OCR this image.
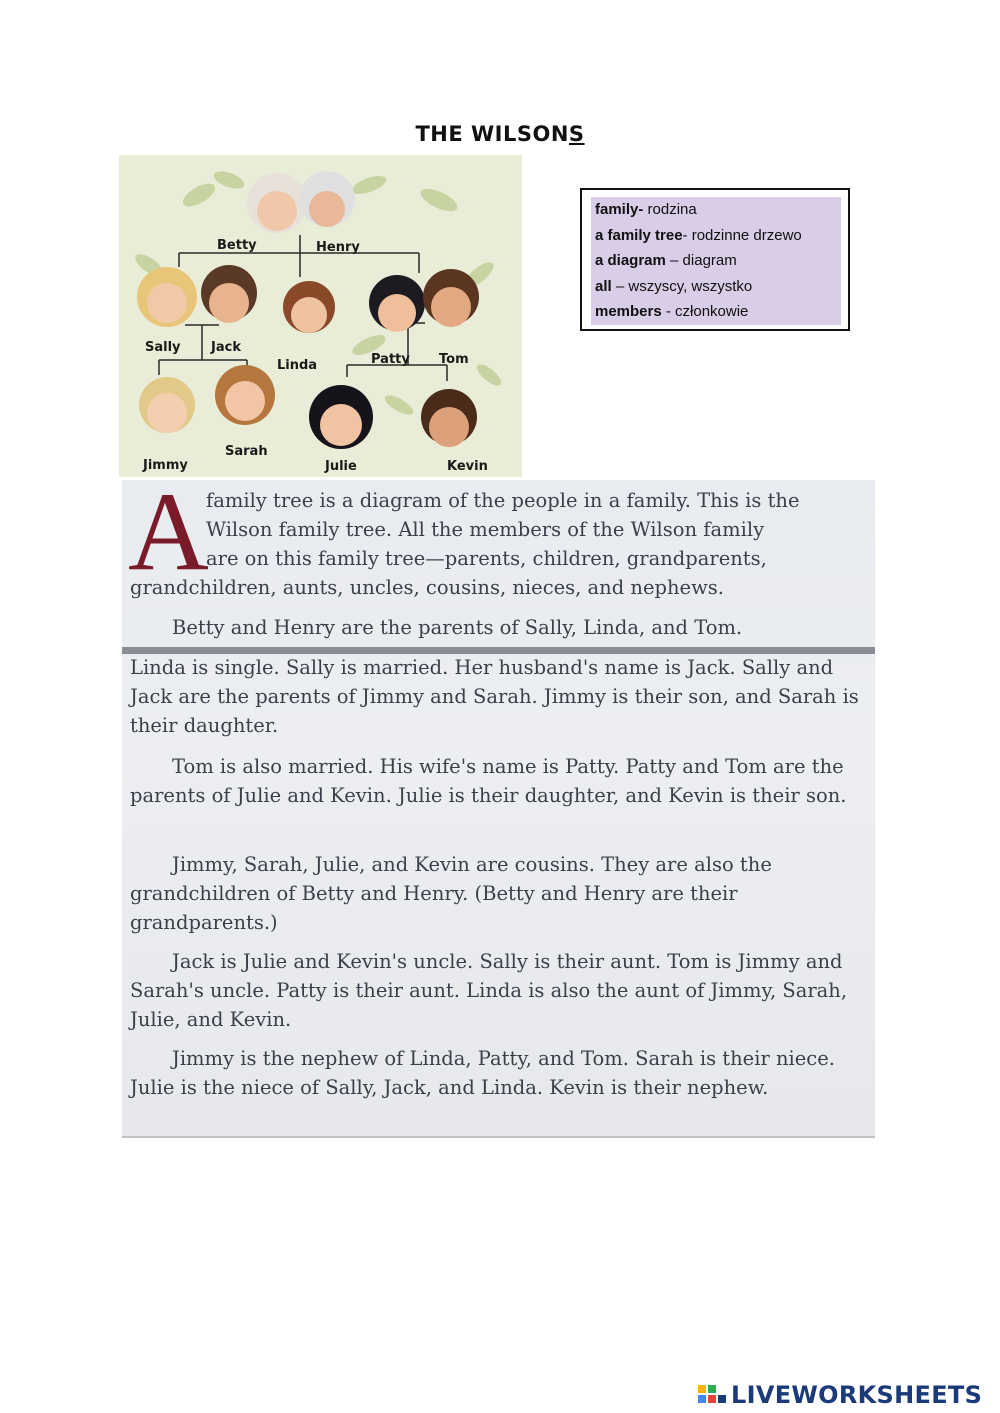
THE WILSONS
Betty	Henry
Sally Jack
Linda	Patty Tom
Jimmy
Sarah
Julie	Kevin
family- rodzina
a family tree- rodzinne drzewo
a diagram – diagram
all – wszyscy, wszystko
members - członkowie
A

family tree is a diagram of the people in a family. This is the

Wilson family tree. All the members of the Wilson family

are on this family tree—parents, children, grandparents,

grandchildren, aunts, uncles, cousins, nieces, and nephews.

Betty and Henry are the parents of Sally, Linda, and Tom.

Linda is single. Sally is married. Her husband's name is Jack. Sally and Jack are the parents of Jimmy and Sarah. Jimmy is their son, and Sarah is their daughter.

Tom is also married. His wife's name is Patty. Patty and Tom are the parents of Julie and Kevin. Julie is their daughter, and Kevin is their son.

Jimmy, Sarah, Julie, and Kevin are cousins. They are also the grandchildren of Betty and Henry. (Betty and Henry are their grandparents.)

Jack is Julie and Kevin's uncle. Sally is their aunt. Tom is Jimmy and Sarah's uncle. Patty is their aunt. Linda is also the aunt of Jimmy, Sarah, Julie, and Kevin.

Jimmy is the nephew of Linda, Patty, and Tom. Sarah is their niece. Julie is the niece of Sally, Jack, and Linda. Kevin is their nephew.

LIVEWORKSHEETS
